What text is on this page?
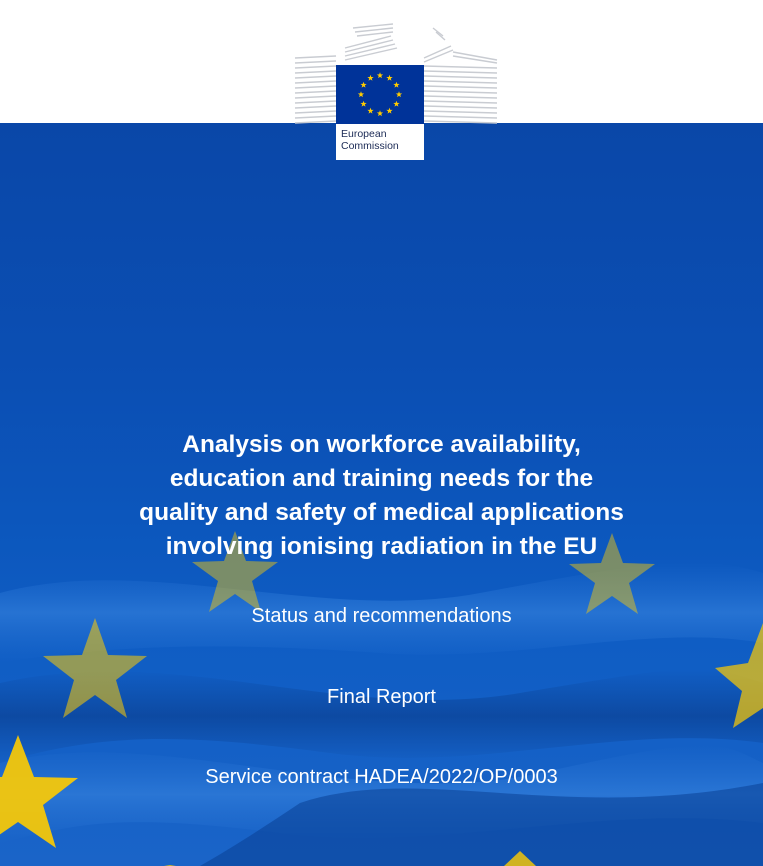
European
Commission
Analysis on workforce availability,
education and training needs for the
quality and safety of medical applications
involving ionising radiation in the EU
Status and recommendations
Final Report
Service contract HADEA/2022/OP/0003
